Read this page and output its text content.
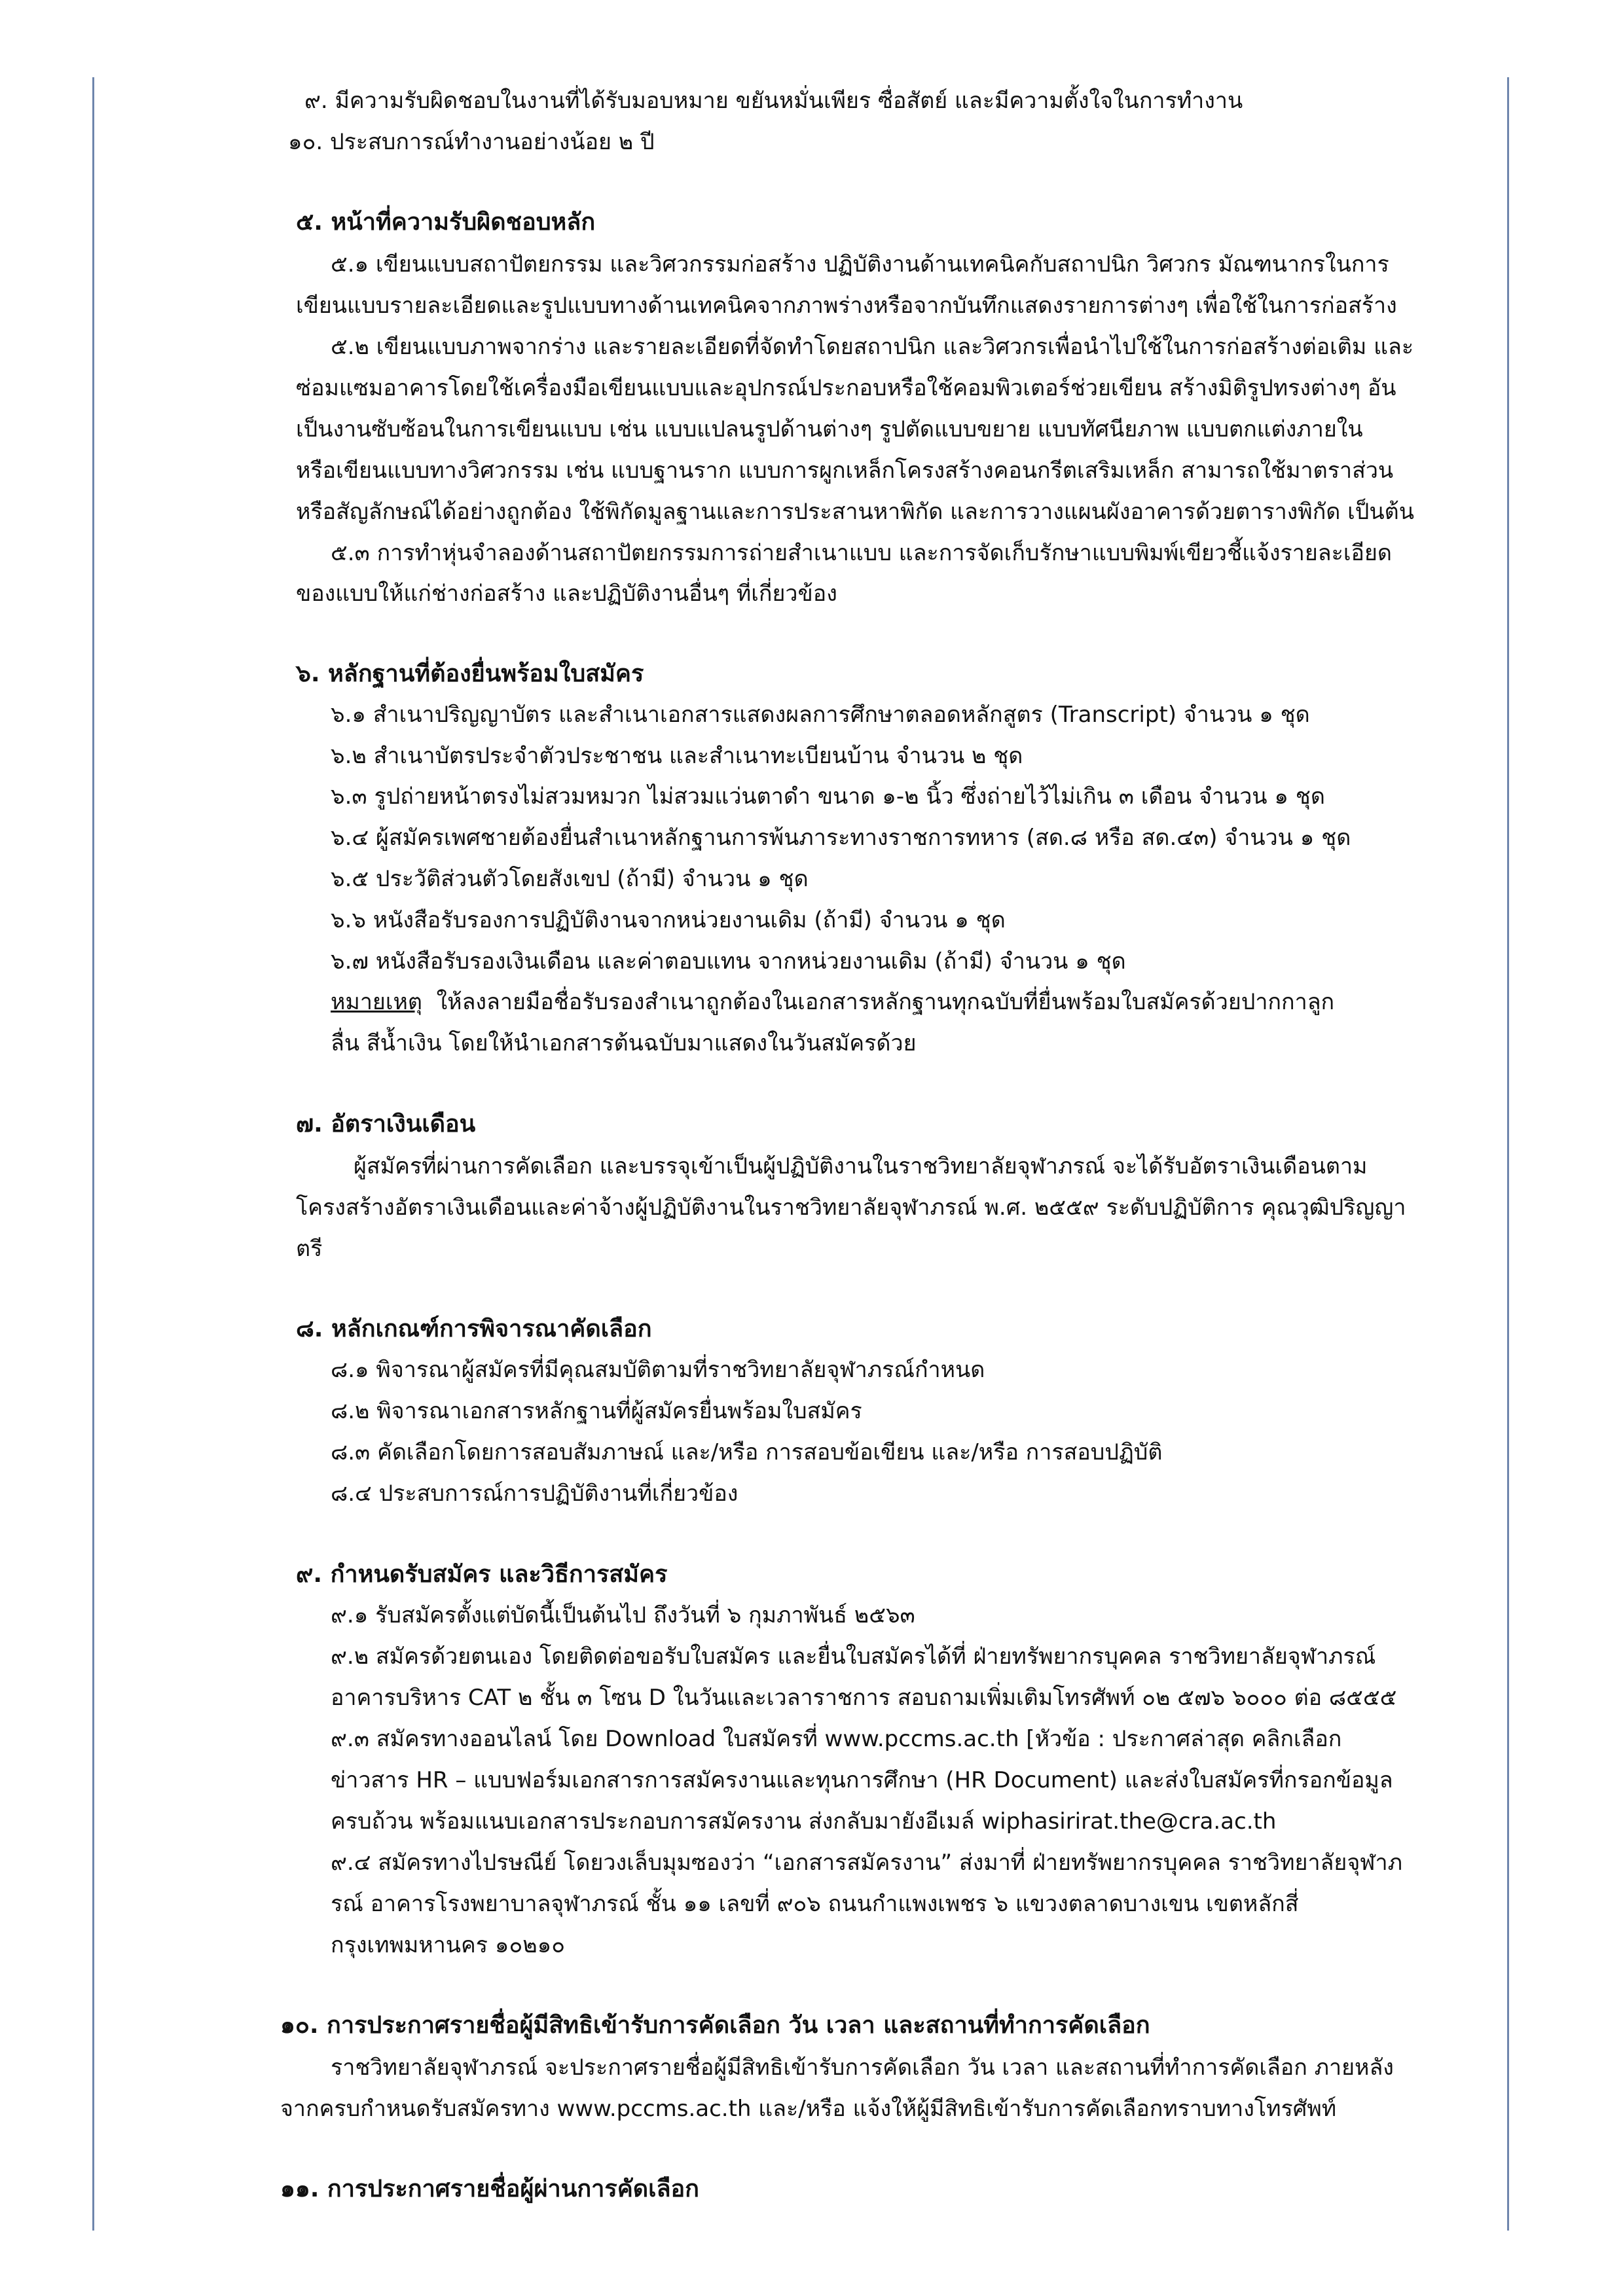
๙. มีความรับผิดชอบในงานที่ได้รับมอบหมาย ขยันหมั่นเพียร ซื่อสัตย์ และมีความตั้งใจในการทำงาน
๑๐. ประสบการณ์ทำงานอย่างน้อย ๒ ปี
๕. หน้าที่ความรับผิดชอบหลัก
๕.๑ เขียนแบบสถาปัตยกรรม และวิศวกรรมก่อสร้าง ปฏิบัติงานด้านเทคนิคกับสถาปนิก วิศวกร มัณฑนากรในการ
เขียนแบบรายละเอียดและรูปแบบทางด้านเทคนิคจากภาพร่างหรือจากบันทึกแสดงรายการต่างๆ เพื่อใช้ในการก่อสร้าง
๕.๒ เขียนแบบภาพจากร่าง และรายละเอียดที่จัดทำโดยสถาปนิก และวิศวกรเพื่อนำไปใช้ในการก่อสร้างต่อเติม และ
ซ่อมแซมอาคารโดยใช้เครื่องมือเขียนแบบและอุปกรณ์ประกอบหรือใช้คอมพิวเตอร์ช่วยเขียน สร้างมิติรูปทรงต่างๆ อัน
เป็นงานซับซ้อนในการเขียนแบบ เช่น แบบแปลนรูปด้านต่างๆ รูปตัดแบบขยาย แบบทัศนียภาพ แบบตกแต่งภายใน
หรือเขียนแบบทางวิศวกรรม เช่น แบบฐานราก แบบการผูกเหล็กโครงสร้างคอนกรีตเสริมเหล็ก สามารถใช้มาตราส่วน
หรือสัญลักษณ์ได้อย่างถูกต้อง ใช้พิกัดมูลฐานและการประสานหาพิกัด และการวางแผนผังอาคารด้วยตารางพิกัด เป็นต้น
๕.๓ การทำหุ่นจำลองด้านสถาปัตยกรรมการถ่ายสำเนาแบบ และการจัดเก็บรักษาแบบพิมพ์เขียวชี้แจ้งรายละเอียด
ของแบบให้แก่ช่างก่อสร้าง และปฏิบัติงานอื่นๆ ที่เกี่ยวข้อง
๖. หลักฐานที่ต้องยื่นพร้อมใบสมัคร
๖.๑ สำเนาปริญญาบัตร และสำเนาเอกสารแสดงผลการศึกษาตลอดหลักสูตร (Transcript) จำนวน ๑ ชุด
๖.๒ สำเนาบัตรประจำตัวประชาชน และสำเนาทะเบียนบ้าน จำนวน ๒ ชุด
๖.๓ รูปถ่ายหน้าตรงไม่สวมหมวก ไม่สวมแว่นตาดำ ขนาด ๑-๒ นิ้ว ซึ่งถ่ายไว้ไม่เกิน ๓ เดือน จำนวน ๑ ชุด
๖.๔ ผู้สมัครเพศชายต้องยื่นสำเนาหลักฐานการพ้นภาระทางราชการทหาร (สด.๘ หรือ สด.๔๓) จำนวน ๑ ชุด
๖.๕ ประวัติส่วนตัวโดยสังเขป (ถ้ามี) จำนวน ๑ ชุด
๖.๖ หนังสือรับรองการปฏิบัติงานจากหน่วยงานเดิม (ถ้ามี) จำนวน ๑ ชุด
๖.๗ หนังสือรับรองเงินเดือน และค่าตอบแทน จากหน่วยงานเดิม (ถ้ามี) จำนวน ๑ ชุด
หมายเหตุ ให้ลงลายมือชื่อรับรองสำเนาถูกต้องในเอกสารหลักฐานทุกฉบับที่ยื่นพร้อมใบสมัครด้วยปากกาลูก
ลื่น สีน้ำเงิน โดยให้นำเอกสารต้นฉบับมาแสดงในวันสมัครด้วย
๗. อัตราเงินเดือน
ผู้สมัครที่ผ่านการคัดเลือก และบรรจุเข้าเป็นผู้ปฏิบัติงานในราชวิทยาลัยจุฬาภรณ์ จะได้รับอัตราเงินเดือนตาม
โครงสร้างอัตราเงินเดือนและค่าจ้างผู้ปฏิบัติงานในราชวิทยาลัยจุฬาภรณ์ พ.ศ. ๒๕๕๙ ระดับปฏิบัติการ คุณวุฒิปริญญา
ตรี
๘. หลักเกณฑ์การพิจารณาคัดเลือก
๘.๑ พิจารณาผู้สมัครที่มีคุณสมบัติตามที่ราชวิทยาลัยจุฬาภรณ์กำหนด
๘.๒ พิจารณาเอกสารหลักฐานที่ผู้สมัครยื่นพร้อมใบสมัคร
๘.๓ คัดเลือกโดยการสอบสัมภาษณ์ และ/หรือ การสอบข้อเขียน และ/หรือ การสอบปฏิบัติ
๘.๔ ประสบการณ์การปฏิบัติงานที่เกี่ยวข้อง
๙. กำหนดรับสมัคร และวิธีการสมัคร
๙.๑ รับสมัครตั้งแต่บัดนี้เป็นต้นไป ถึงวันที่ ๖ กุมภาพันธ์ ๒๕๖๓
๙.๒ สมัครด้วยตนเอง โดยติดต่อขอรับใบสมัคร และยื่นใบสมัครได้ที่ ฝ่ายทรัพยากรบุคคล ราชวิทยาลัยจุฬาภรณ์
อาคารบริหาร CAT ๒ ชั้น ๓ โซน D ในวันและเวลาราชการ สอบถามเพิ่มเติมโทรศัพท์ ๐๒ ๕๗๖ ๖๐๐๐ ต่อ ๘๕๕๕
๙.๓ สมัครทางออนไลน์ โดย Download ใบสมัครที่ www.pccms.ac.th [หัวข้อ : ประกาศล่าสุด คลิกเลือก
ข่าวสาร HR – แบบฟอร์มเอกสารการสมัครงานและทุนการศึกษา (HR Document) และส่งใบสมัครที่กรอกข้อมูล
ครบถ้วน พร้อมแนบเอกสารประกอบการสมัครงาน ส่งกลับมายังอีเมล์ wiphasirirat.the@cra.ac.th
๙.๔ สมัครทางไปรษณีย์ โดยวงเล็บมุมซองว่า “เอกสารสมัครงาน” ส่งมาที่ ฝ่ายทรัพยากรบุคคล ราชวิทยาลัยจุฬาภ
รณ์ อาคารโรงพยาบาลจุฬาภรณ์ ชั้น ๑๑ เลขที่ ๙๐๖ ถนนกำแพงเพชร ๖ แขวงตลาดบางเขน เขตหลักสี่
กรุงเทพมหานคร ๑๐๒๑๐
๑๐. การประกาศรายชื่อผู้มีสิทธิเข้ารับการคัดเลือก วัน เวลา และสถานที่ทำการคัดเลือก
ราชวิทยาลัยจุฬาภรณ์ จะประกาศรายชื่อผู้มีสิทธิเข้ารับการคัดเลือก วัน เวลา และสถานที่ทำการคัดเลือก ภายหลัง
จากครบกำหนดรับสมัครทาง www.pccms.ac.th และ/หรือ แจ้งให้ผู้มีสิทธิเข้ารับการคัดเลือกทราบทางโทรศัพท์
๑๑. การประกาศรายชื่อผู้ผ่านการคัดเลือก
